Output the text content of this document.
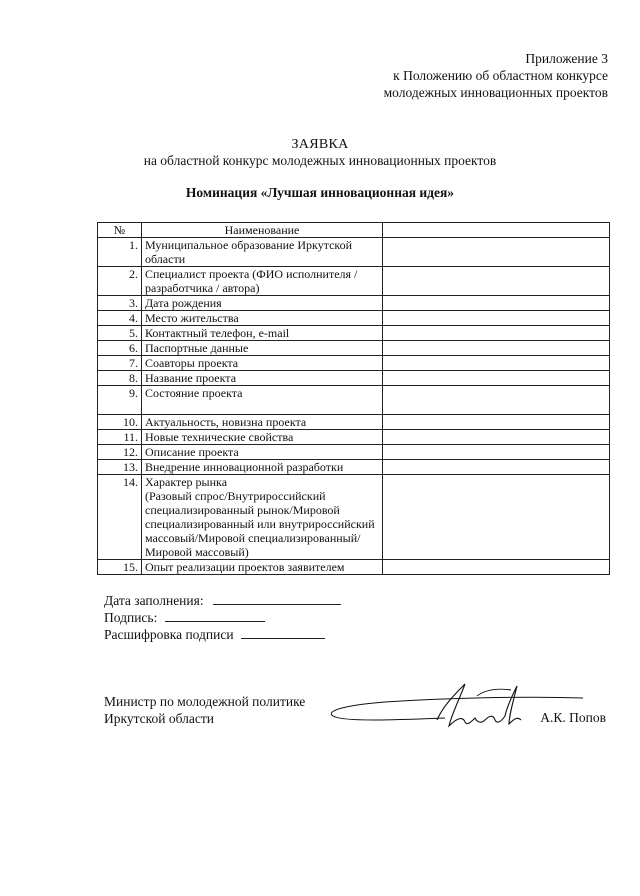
Приложение 3
к Положению об областном конкурсе
молодежных инновационных проектов
ЗАЯВКА
на областной конкурс молодежных инновационных проектов
Номинация «Лучшая инновационная идея»
№	Наименование	
1.	Муниципальное образование Иркутской области	
2.	Специалист проекта (ФИО исполнителя / разработчика / автора)	
3.	Дата рождения	
4.	Место жительства	
5.	Контактный телефон, e-mail	
6.	Паспортные данные	
7.	Соавторы проекта	
8.	Название проекта	
9.	Состояние проекта	
10.	Актуальность, новизна проекта	
11.	Новые технические свойства	
12.	Описание проекта	
13.	Внедрение инновационной разработки	
14.	Характер рынка
(Разовый спрос/Внутрироссийский специализированный рынок/Мировой специализированный или внутрироссийский массовый/Мировой специализированный/Мировой массовый)	
15.	Опыт реализации проектов заявителем	
Дата заполнения:
Подпись:
Расшифровка подписи
Министр по молодежной политике
Иркутской области	А.К. Попов
